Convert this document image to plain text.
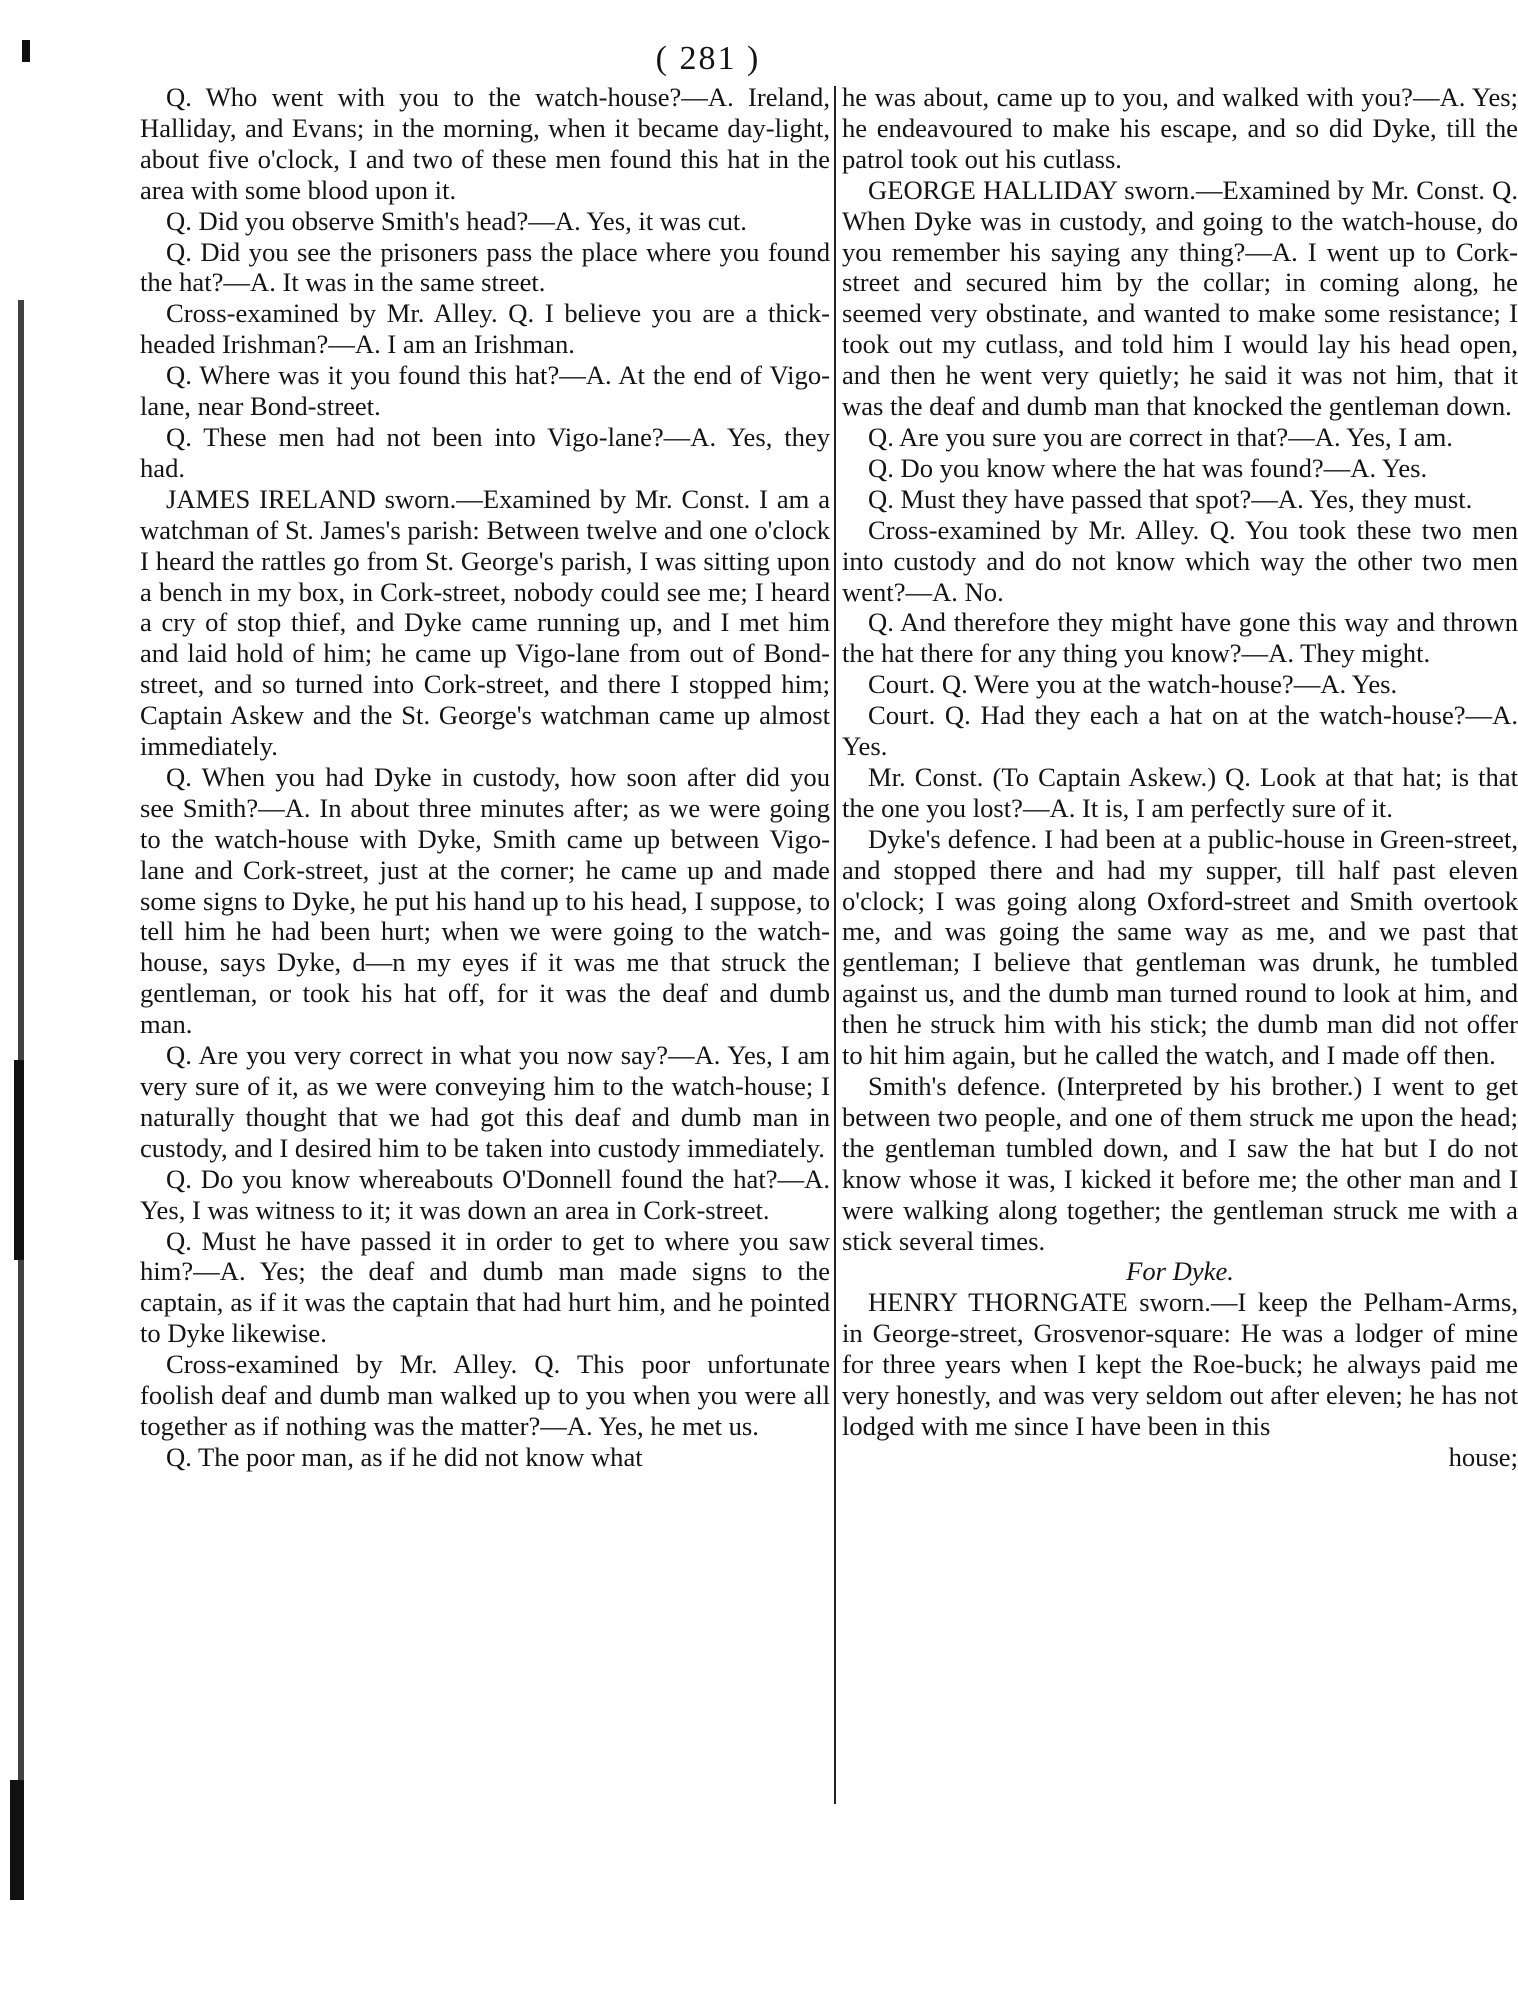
( 281 )

Q. Who went with you to the watch-house?—A. Ireland, Halliday, and Evans; in the morning, when it became day-light, about five o'clock, I and two of these men found this hat in the area with some blood upon it.

Q. Did you observe Smith's head?—A. Yes, it was cut.

Q. Did you see the prisoners pass the place where you found the hat?—A. It was in the same street.

Cross-examined by Mr. Alley. Q. I believe you are a thick-headed Irishman?—A. I am an Irishman.

Q. Where was it you found this hat?—A. At the end of Vigo-lane, near Bond-street.

Q. These men had not been into Vigo-lane?—A. Yes, they had.

JAMES IRELAND sworn.—Examined by Mr. Const. I am a watchman of St. James's parish: Between twelve and one o'clock I heard the rattles go from St. George's parish, I was sitting upon a bench in my box, in Cork-street, nobody could see me; I heard a cry of stop thief, and Dyke came running up, and I met him and laid hold of him; he came up Vigo-lane from out of Bond-street, and so turned into Cork-street, and there I stopped him; Captain Askew and the St. George's watchman came up almost immediately.

Q. When you had Dyke in custody, how soon after did you see Smith?—A. In about three minutes after; as we were going to the watch-house with Dyke, Smith came up between Vigo-lane and Cork-street, just at the corner; he came up and made some signs to Dyke, he put his hand up to his head, I suppose, to tell him he had been hurt; when we were going to the watch-house, says Dyke, d—n my eyes if it was me that struck the gentleman, or took his hat off, for it was the deaf and dumb man.

Q. Are you very correct in what you now say?—A. Yes, I am very sure of it, as we were conveying him to the watch-house; I naturally thought that we had got this deaf and dumb man in custody, and I desired him to be taken into custody immediately.

Q. Do you know whereabouts O'Donnell found the hat?—A. Yes, I was witness to it; it was down an area in Cork-street.

Q. Must he have passed it in order to get to where you saw him?—A. Yes; the deaf and dumb man made signs to the captain, as if it was the captain that had hurt him, and he pointed to Dyke likewise.

Cross-examined by Mr. Alley. Q. This poor unfortunate foolish deaf and dumb man walked up to you when you were all together as if nothing was the matter?—A. Yes, he met us.

Q. The poor man, as if he did not know what

he was about, came up to you, and walked with you?—A. Yes; he endeavoured to make his escape, and so did Dyke, till the patrol took out his cutlass.

GEORGE HALLIDAY sworn.—Examined by Mr. Const. Q. When Dyke was in custody, and going to the watch-house, do you remember his saying any thing?—A. I went up to Cork-street and secured him by the collar; in coming along, he seemed very obstinate, and wanted to make some resistance; I took out my cutlass, and told him I would lay his head open, and then he went very quietly; he said it was not him, that it was the deaf and dumb man that knocked the gentleman down.

Q. Are you sure you are correct in that?—A. Yes, I am.

Q. Do you know where the hat was found?—A. Yes.

Q. Must they have passed that spot?—A. Yes, they must.

Cross-examined by Mr. Alley. Q. You took these two men into custody and do not know which way the other two men went?—A. No.

Q. And therefore they might have gone this way and thrown the hat there for any thing you know?—A. They might.

Court. Q. Were you at the watch-house?—A. Yes.

Court. Q. Had they each a hat on at the watch-house?—A. Yes.

Mr. Const. (To Captain Askew.) Q. Look at that hat; is that the one you lost?—A. It is, I am perfectly sure of it.

Dyke's defence. I had been at a public-house in Green-street, and stopped there and had my supper, till half past eleven o'clock; I was going along Oxford-street and Smith overtook me, and was going the same way as me, and we past that gentleman; I believe that gentleman was drunk, he tumbled against us, and the dumb man turned round to look at him, and then he struck him with his stick; the dumb man did not offer to hit him again, but he called the watch, and I made off then.

Smith's defence. (Interpreted by his brother.) I went to get between two people, and one of them struck me upon the head; the gentleman tumbled down, and I saw the hat but I do not know whose it was, I kicked it before me; the other man and I were walking along together; the gentleman struck me with a stick several times.

For Dyke.

HENRY THORNGATE sworn.—I keep the Pelham-Arms, in George-street, Grosvenor-square: He was a lodger of mine for three years when I kept the Roe-buck; he always paid me very honestly, and was very seldom out after eleven; he has not lodged with me since I have been in this

house;
